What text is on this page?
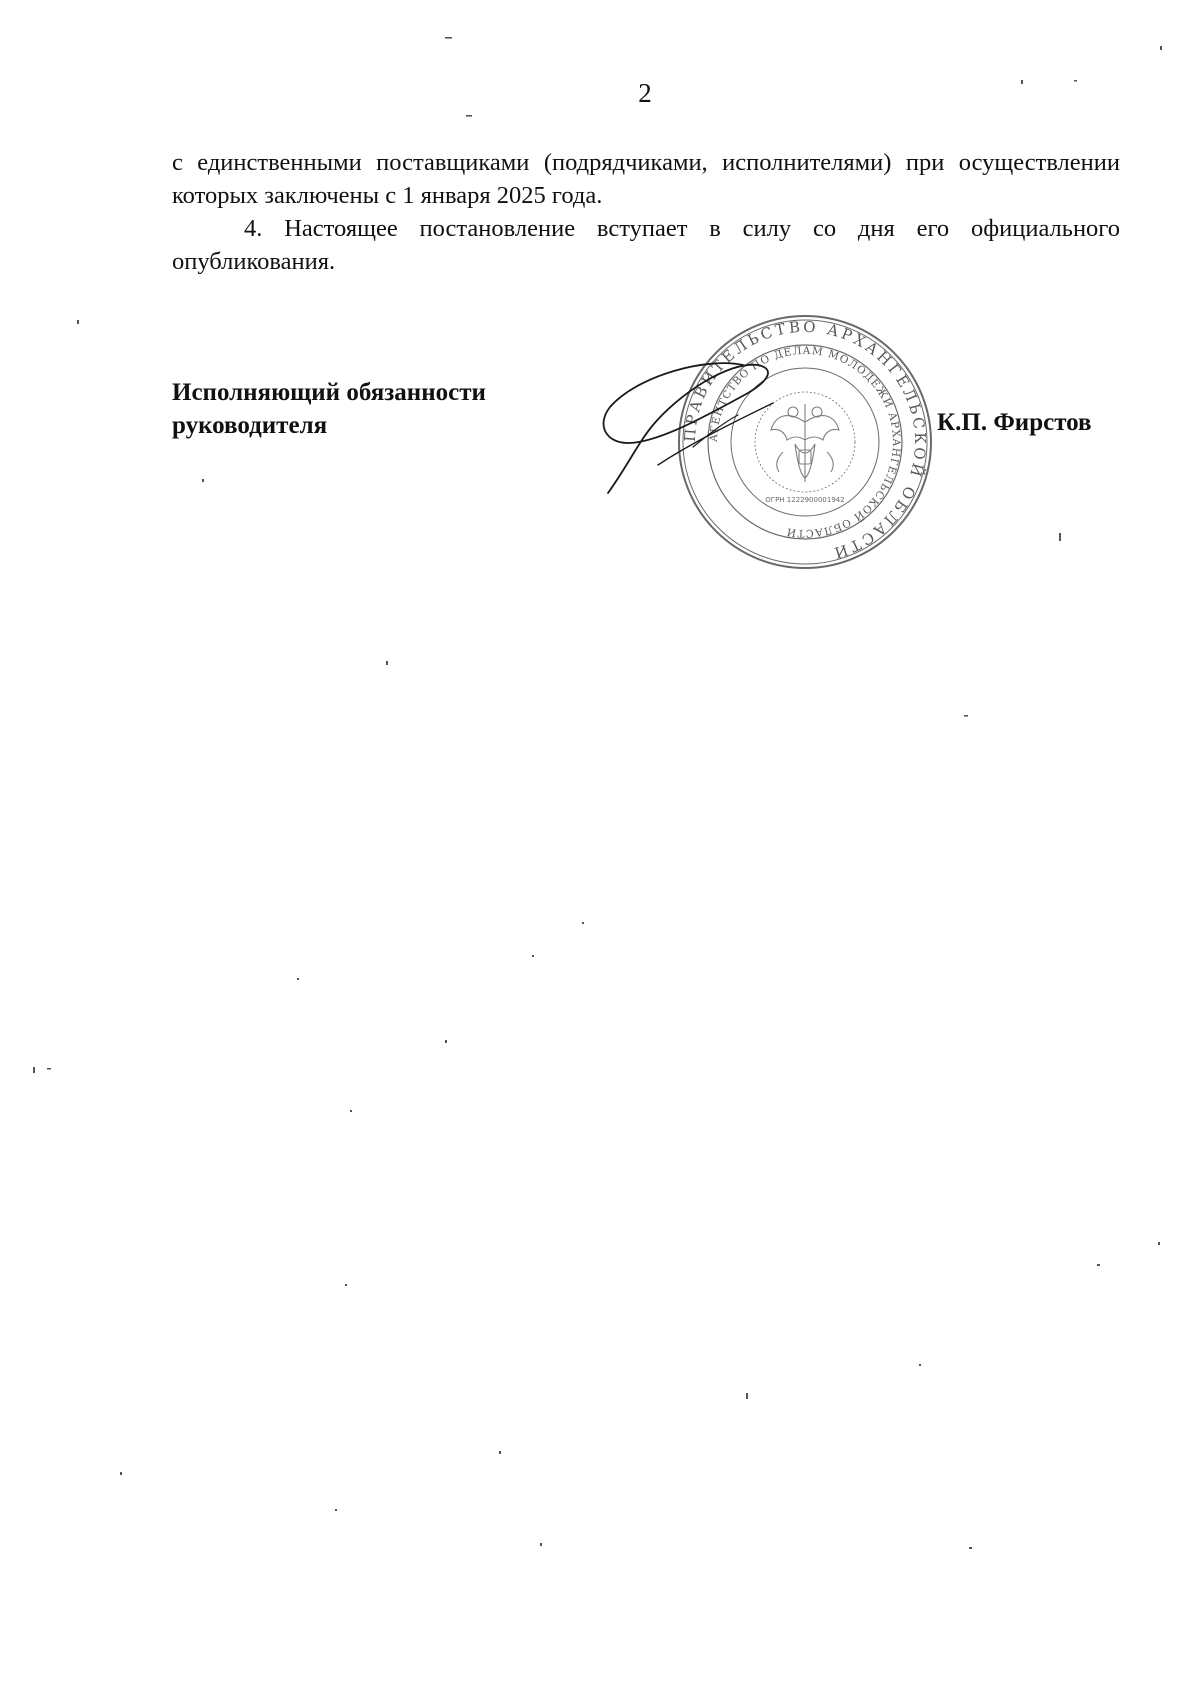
2

с единственными поставщиками (подрядчиками, исполнителями) при осуществлении которых заключены с 1 января 2025 года.

4. Настоящее постановление вступает в силу со дня его официального опубликования.

Исполняющий обязанности
руководителя	ПРАВИТЕЛЬСТВО АРХАНГЕЛЬСКОЙ ОБЛАСТИ
АГЕНТСТВО ПО ДЕЛАМ МОЛОДЕЖИ АРХАНГЕЛЬСКОЙ ОБЛАСТИ
ОГРН 1222900001942
К.П. Фирстов
